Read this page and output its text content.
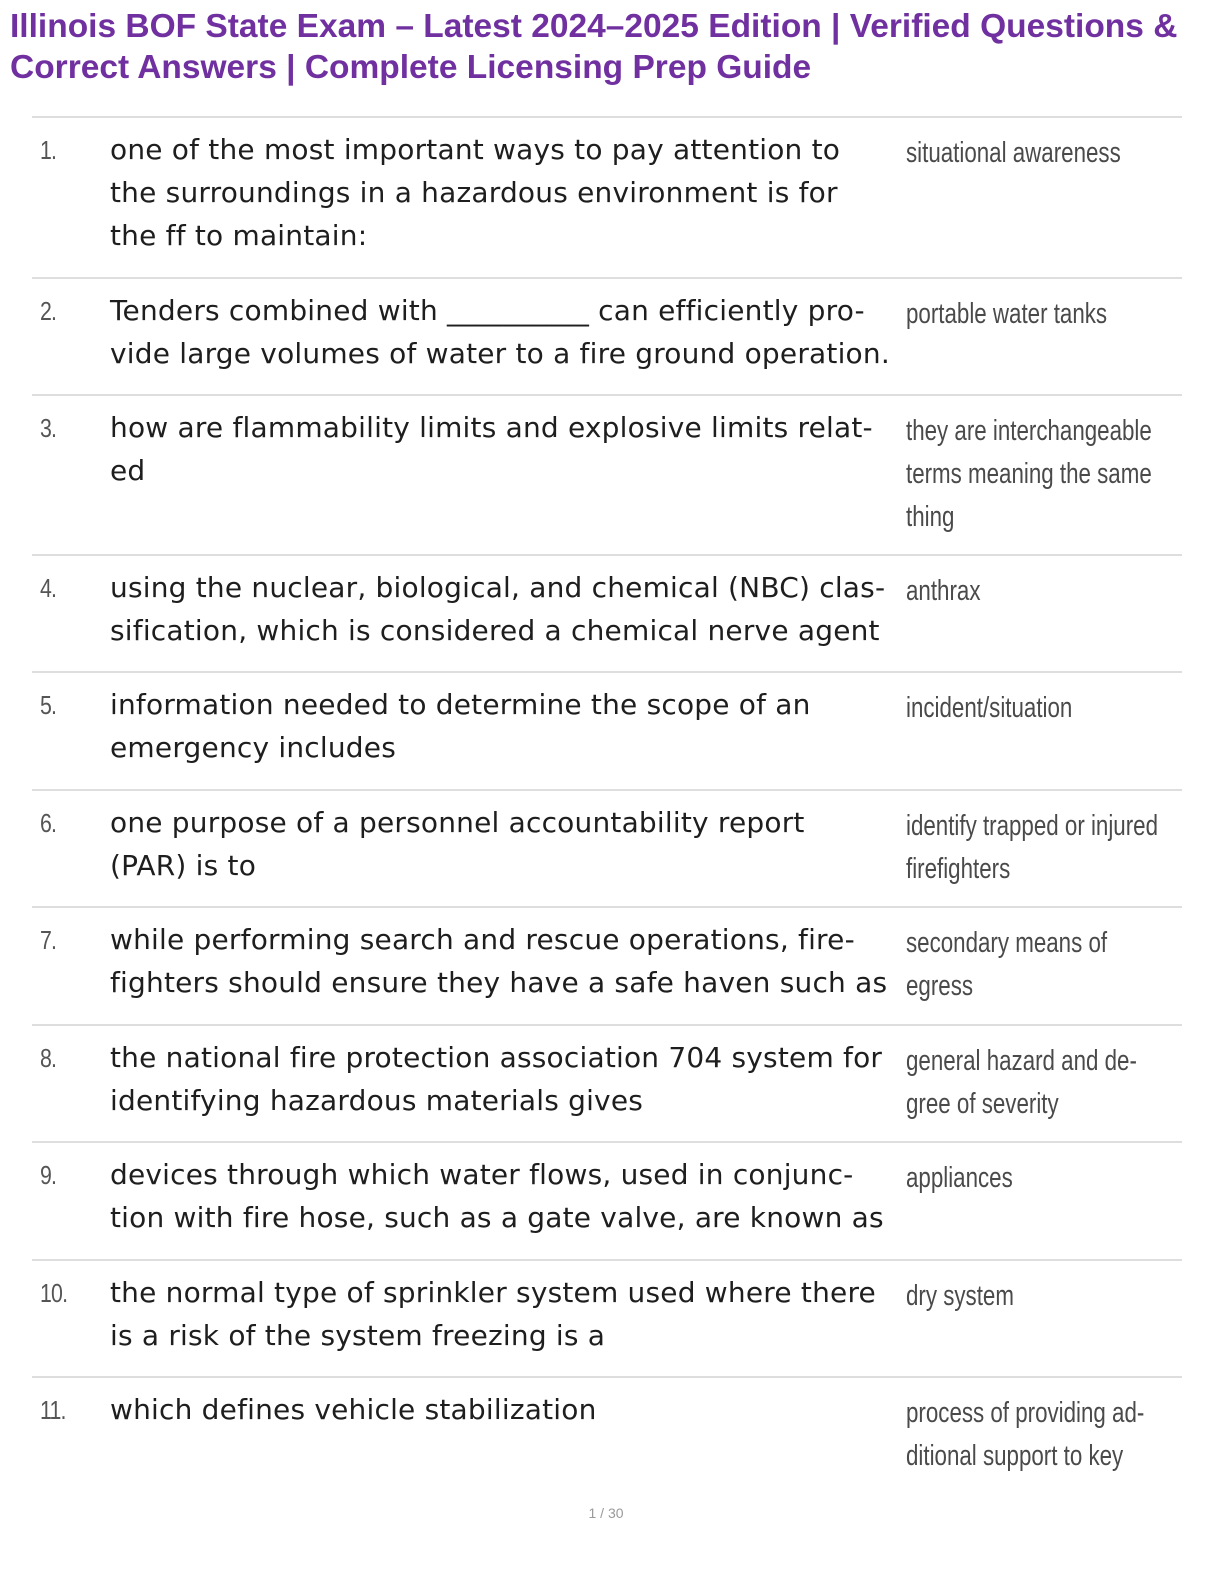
Illinois BOF State Exam – Latest 2024–2025 Edition | Verified Questions & Correct Answers | Complete Licensing Prep Guide
1. one of the most important ways to pay attention to
the surroundings in a hazardous environment is for
the ff to maintain:
situational awareness
2. Tenders combined with __________ can efficiently pro-
vide large volumes of water to a fire ground operation.
portable water tanks
3. how are flammability limits and explosive limits relat-
ed
they are interchangeable
terms meaning the same
thing
4. using the nuclear, biological, and chemical (NBC) clas-
sification, which is considered a chemical nerve agent
anthrax
5. information needed to determine the scope of an
emergency includes
incident/situation
6. one purpose of a personnel accountability report
(PAR) is to
identify trapped or injured
firefighters
7. while performing search and rescue operations, fire-
fighters should ensure they have a safe haven such as
secondary means of
egress
8. the national fire protection association 704 system for
identifying hazardous materials gives
general hazard and de-
gree of severity
9. devices through which water flows, used in conjunc-
tion with fire hose, such as a gate valve, are known as
appliances
10. the normal type of sprinkler system used where there
is a risk of the system freezing is a
dry system
11. which defines vehicle stabilization	process of providing ad-
ditional support to key
1 / 30
